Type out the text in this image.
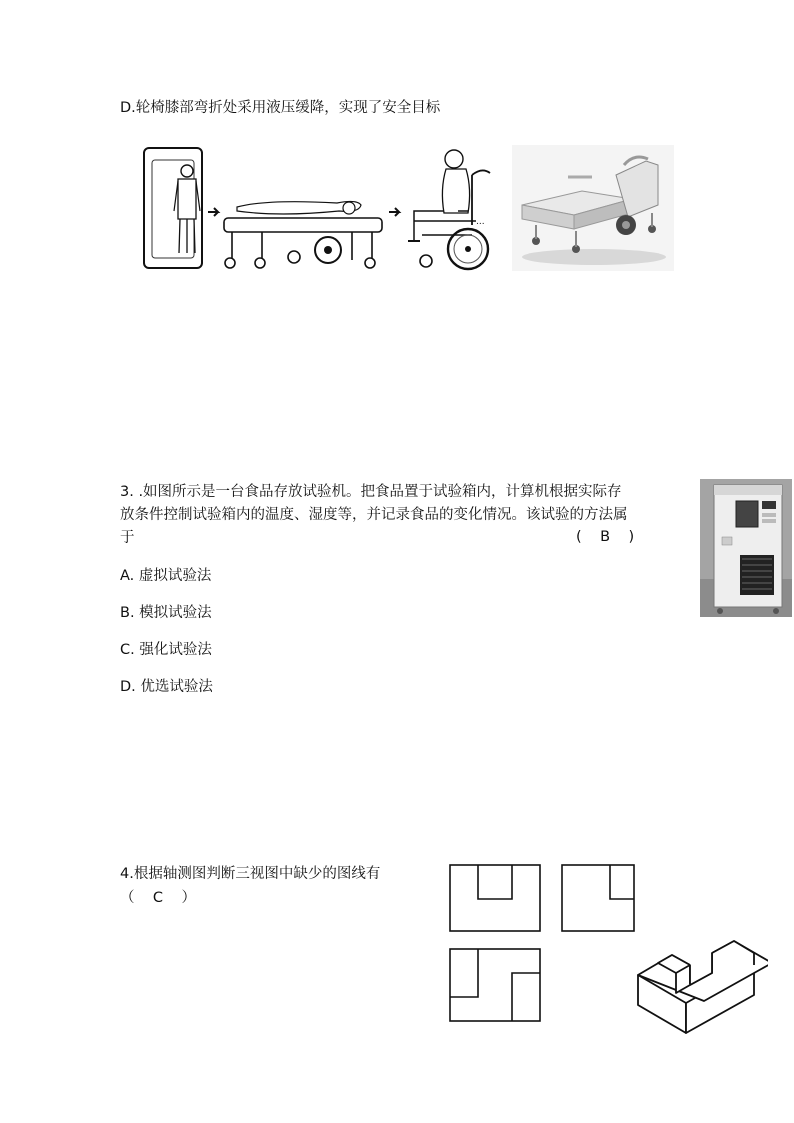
D.轮椅膝部弯折处采用液压缓降，实现了安全目标
...
3. .如图所示是一台食品存放试验机。把食品置于试验箱内，计算机根据实际存
放条件控制试验箱内的温度、湿度等，并记录食品的变化情况。该试验的方法属
于	(    B    )
A. 虚拟试验法
B. 模拟试验法
C. 强化试验法
D. 优选试验法
4.根据轴测图判断三视图中缺少的图线有
（    C    ）
